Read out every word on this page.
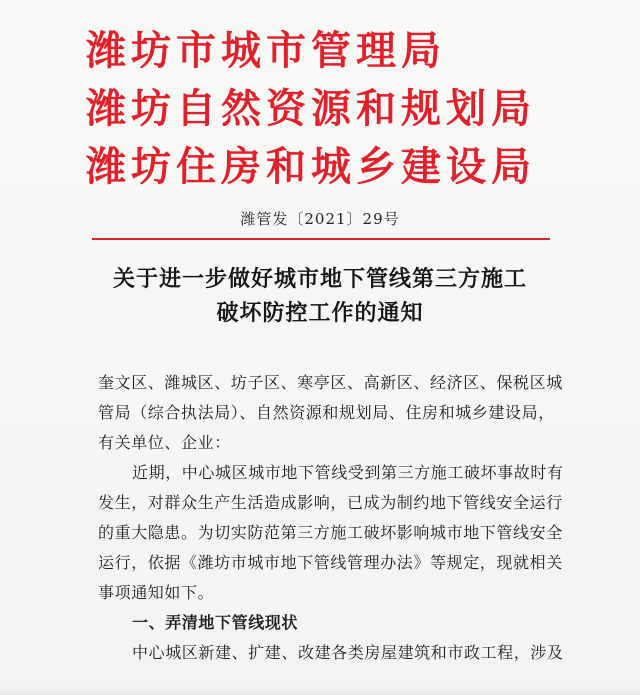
潍坊市城市管理局
潍坊自然资源和规划局
潍坊住房和城乡建设局
潍管发〔2021〕29号
关于进一步做好城市地下管线第三方施工
破坏防控工作的通知
奎文区、潍城区、坊子区、寒亭区、高新区、经济区、保税区城
管局（综合执法局）、自然资源和规划局、住房和城乡建设局，
有关单位、企业：
近期，中心城区城市地下管线受到第三方施工破坏事故时有
发生，对群众生产生活造成影响，已成为制约地下管线安全运行
的重大隐患。为切实防范第三方施工破坏影响城市地下管线安全
运行，依据《潍坊市城市地下管线管理办法》等规定，现就相关
事项通知如下。
一、弄清地下管线现状
中心城区新建、扩建、改建各类房屋建筑和市政工程，涉及
